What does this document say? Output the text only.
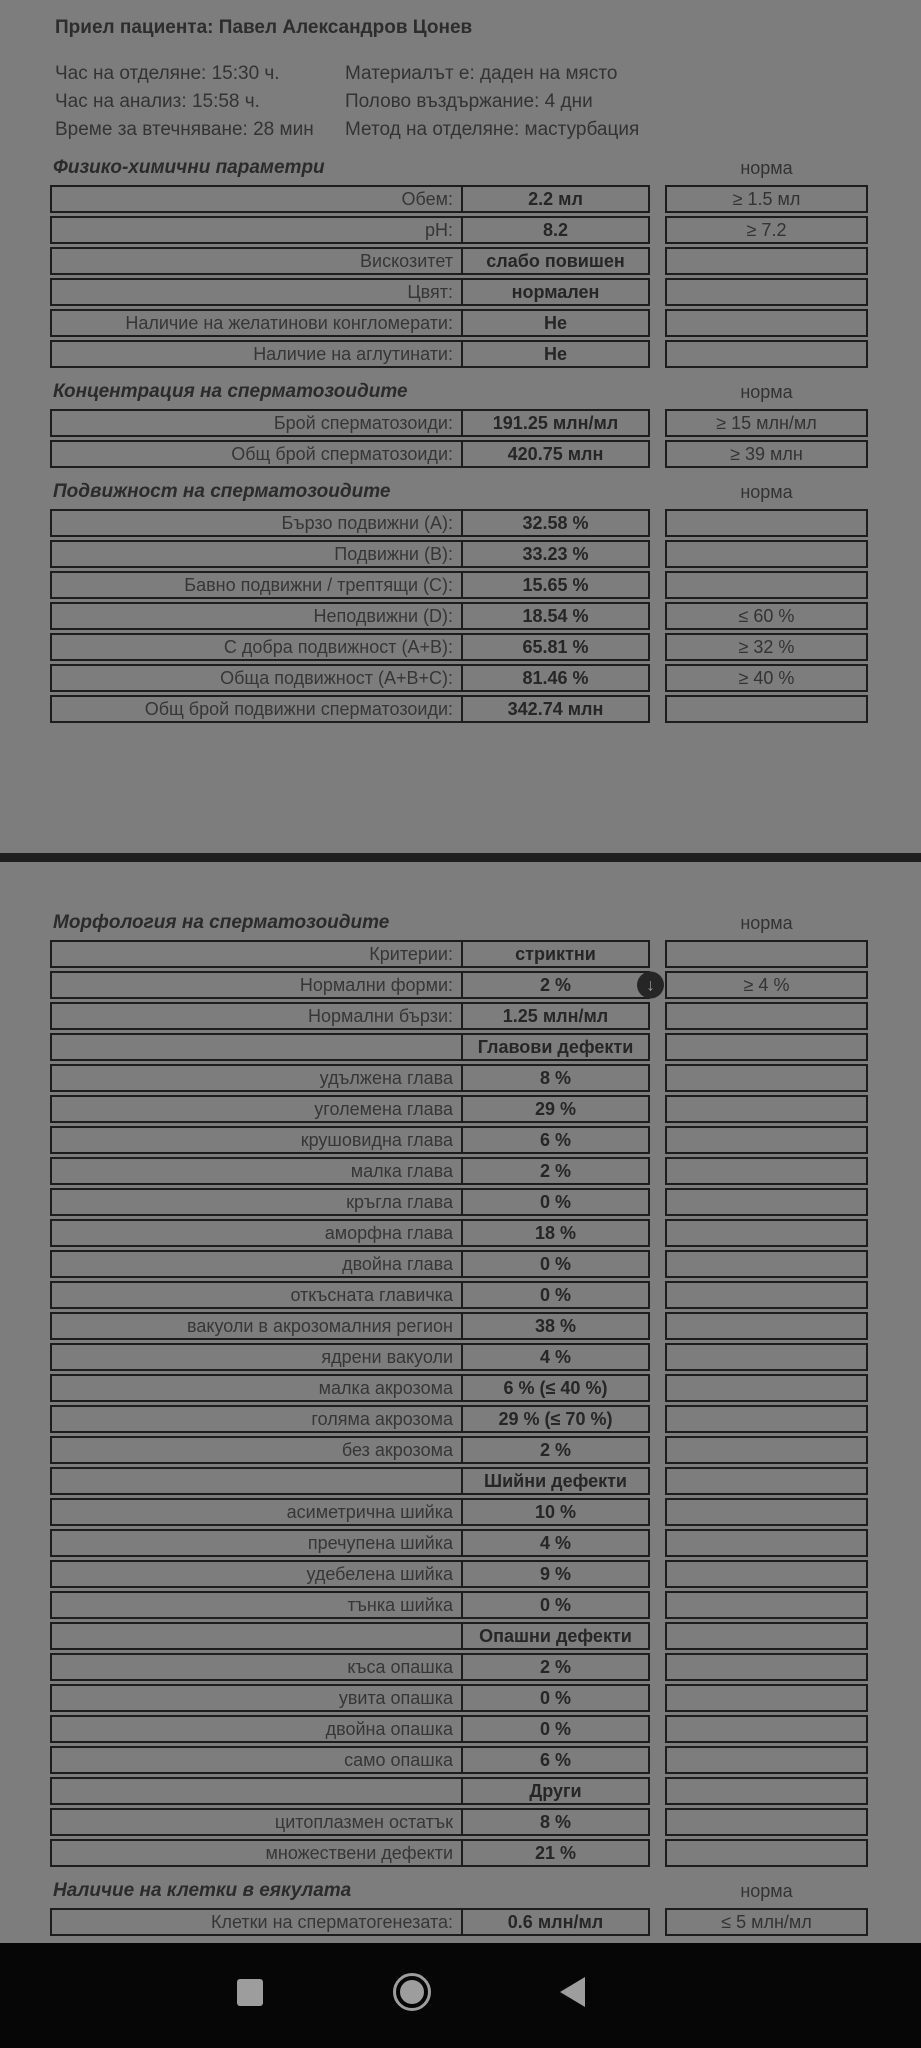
Приел пациента: Павел Александров Цонев
Час на отделяне: 15:30 ч.
Час на анализ: 15:58 ч.
Време за втечняване: 28 мин
Материалът е: даден на място
Полово въздържание: 4 дни
Метод на отделяне: мастурбация
Физико-химични параметри	норма
Обем:	2.2 мл	≥ 1.5 мл
pH:	8.2	≥ 7.2
Вискозитет	слабо повишен
Цвят:	нормален
Наличие на желатинови конгломерати:	Не
Наличие на аглутинати:	Не
Концентрация на сперматозоидите	норма
Брой сперматозоиди:	191.25 млн/мл	≥ 15 млн/мл
Общ брой сперматозоиди:	420.75 млн	≥ 39 млн
Подвижност на сперматозоидите	норма
Бързо подвижни (A):	32.58 %
Подвижни (B):	33.23 %
Бавно подвижни / трептящи (C):	15.65 %
Неподвижни (D):	18.54 %	≤ 60 %
С добра подвижност (A+B):	65.81 %	≥ 32 %
Обща подвижност (A+B+C):	81.46 %	≥ 40 %
Общ брой подвижни сперматозоиди:	342.74 млн
Морфология на сперматозоидите	норма
Критерии:	стриктни
Нормални форми:	2 %	↓	≥ 4 %
Нормални бързи:	1.25 млн/мл
Главови дефекти
удължена глава	8 %
уголемена глава	29 %
крушовидна глава	6 %
малка глава	2 %
кръгла глава	0 %
аморфна глава	18 %
двойна глава	0 %
откъсната главичка	0 %
вакуоли в акрозомалния регион	38 %
ядрени вакуоли	4 %
малка акрозома	6 % (≤ 40 %)
голяма акрозома	29 % (≤ 70 %)
без акрозома	2 %
Шийни дефекти
асиметрична шийка	10 %
пречупена шийка	4 %
удебелена шийка	9 %
тънка шийка	0 %
Опашни дефекти
къса опашка	2 %
увита опашка	0 %
двойна опашка	0 %
само опашка	6 %
Други
цитоплазмен остатък	8 %
множествени дефекти	21 %
Наличие на клетки в еякулата	норма
Клетки на сперматогенезата:	0.6 млн/мл	≤ 5 млн/мл
